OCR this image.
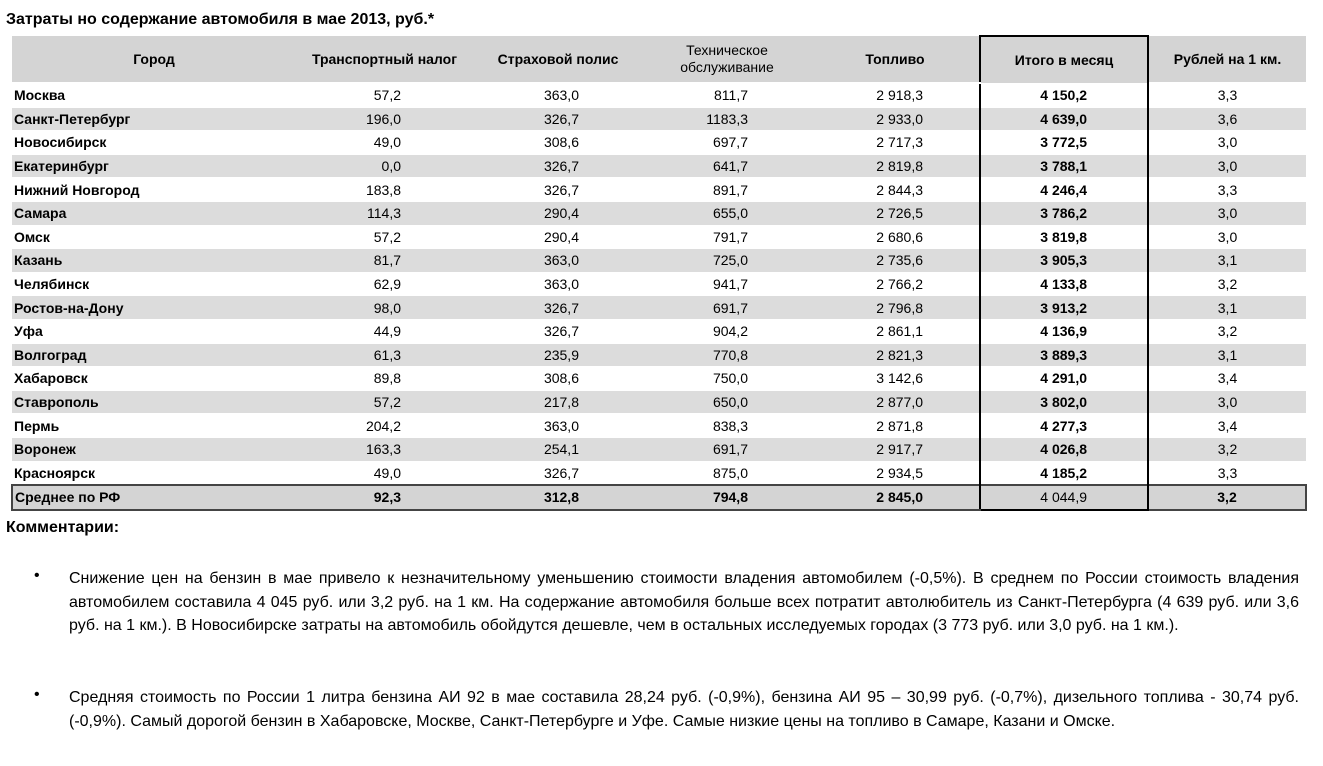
Затраты но содержание автомобиля в мае 2013, руб.*
Город	Транспортный налог	Страховой полис	Техническое обслуживание	Топливо	Итого в месяц	Рублей на 1 км.
Москва	57,2	363,0	811,7	2 918,3	4 150,2	3,3
Санкт-Петербург	196,0	326,7	1183,3	2 933,0	4 639,0	3,6
Новосибирск	49,0	308,6	697,7	2 717,3	3 772,5	3,0
Екатеринбург	0,0	326,7	641,7	2 819,8	3 788,1	3,0
Нижний Новгород	183,8	326,7	891,7	2 844,3	4 246,4	3,3
Самара	114,3	290,4	655,0	2 726,5	3 786,2	3,0
Омск	57,2	290,4	791,7	2 680,6	3 819,8	3,0
Казань	81,7	363,0	725,0	2 735,6	3 905,3	3,1
Челябинск	62,9	363,0	941,7	2 766,2	4 133,8	3,2
Ростов-на-Дону	98,0	326,7	691,7	2 796,8	3 913,2	3,1
Уфа	44,9	326,7	904,2	2 861,1	4 136,9	3,2
Волгоград	61,3	235,9	770,8	2 821,3	3 889,3	3,1
Хабаровск	89,8	308,6	750,0	3 142,6	4 291,0	3,4
Ставрополь	57,2	217,8	650,0	2 877,0	3 802,0	3,0
Пермь	204,2	363,0	838,3	2 871,8	4 277,3	3,4
Воронеж	163,3	254,1	691,7	2 917,7	4 026,8	3,2
Красноярск	49,0	326,7	875,0	2 934,5	4 185,2	3,3
Среднее по РФ	92,3	312,8	794,8	2 845,0	4 044,9	3,2
Комментарии:
•	Снижение цен на бензин в мае привело к незначительному уменьшению стоимости владения автомобилем (-0,5%). В среднем по России стоимость владения автомобилем составила 4 045 руб. или 3,2 руб. на 1 км. На содержание автомобиля больше всех потратит автолюбитель из Санкт-Петербурга (4 639 руб. или 3,6 руб. на 1 км.). В Новосибирске затраты на автомобиль обойдутся дешевле, чем в остальных исследуемых городах (3 773 руб. или 3,0 руб. на 1 км.).
•	Средняя стоимость по России 1 литра бензина АИ 92 в мае составила 28,24 руб. (-0,9%), бензина АИ 95 – 30,99 руб. (-0,7%), дизельного топлива - 30,74 руб. (-0,9%). Самый дорогой бензин в Хабаровске, Москве, Санкт-Петербурге и Уфе. Самые низкие цены на топливо в Самаре, Казани и Омске.
